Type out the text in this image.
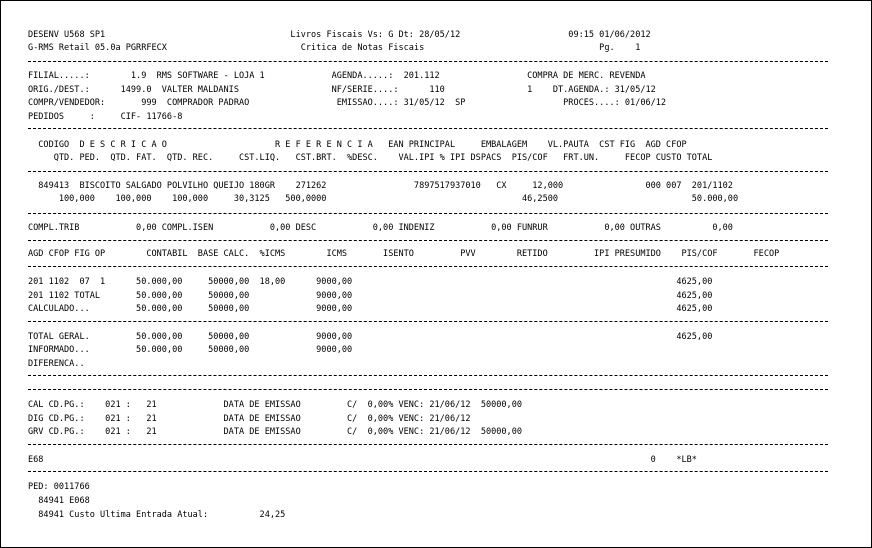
DESENV U568 SP1                                    Livros Fiscais Vs: G Dt: 28/05/12                     09:15 01/06/2012

G-RMS Retail 05.0a PGRRFECX                          Critica de Notas Fiscais                                  Pg.    1

FILIAL.....:        1.9  RMS SOFTWARE - LOJA 1             AGENDA.....:  201.112                 COMPRA DE MERC. REVENDA

ORIG./DEST.:      1499.0  VALTER MALDANIS                  NF/SERIE....:      110                1    DT.AGENDA.: 31/05/12

COMPR/VENDEDOR:       999  COMPRADOR PADRAO                 EMISSAO....: 31/05/12  SP                   PROCES....: 01/06/12

PEDIDOS     :     CIF- 11766-8

CODIGO  D E S C R I C A O                     R E F E R E N C I A   EAN PRINCIPAL     EMBALAGEM    VL.PAUTA  CST FIG  AGD CFOP

QTD. PED.  QTD. FAT.  QTD. REC.     CST.LIQ.   CST.BRT.  %DESC.    VAL.IPI % IPI DSPACS  PIS/COF   FRT.UN.     FECOP CUSTO TOTAL

849413  BISCOITO SALGADO POLVILHO QUEIJO 180GR    271262                 7897517937010   CX     12,000                000 007  201/1102

100,000    100,000    100,000     30,3125   500,0000                                      46,2500                          50.000,00

COMPL.TRIB           0,00 COMPL.ISEN           0,00 DESC           0,00 INDENIZ           0,00 FUNRUR           0,00 OUTRAS          0,00

AGD CFOP FIG OP        CONTABIL  BASE CALC.  %ICMS        ICMS       ISENTO         PVV        RETIDO         IPI PRESUMIDO    PIS/COF       FECOP

201 1102  07  1      50.000,00     50000,00  18,00      9000,00                                                               4625,00

201 1102 TOTAL       50.000,00     50000,00             9000,00                                                               4625,00

CALCULADO...         50.000,00     50000,00             9000,00                                                               4625,00

TOTAL GERAL.         50.000,00     50000,00             9000,00                                                               4625,00

INFORMADO...         50.000,00     50000,00             9000,00

DIFERENCA..

CAL CD.PG.:    021 :   21             DATA DE EMISSAO         C/  0,00% VENC: 21/06/12  50000,00

DIG CD.PG.:    021 :   21             DATA DE EMISSAO         C/  0,00% VENC: 21/06/12

GRV CD.PG.:    021 :   21             DATA DE EMISSAO         C/  0,00% VENC: 21/06/12  50000,00

E68                                                                                                                      0    *LB*

PED: 0011766

84941 E068

84941 Custo Ultima Entrada Atual:          24,25
